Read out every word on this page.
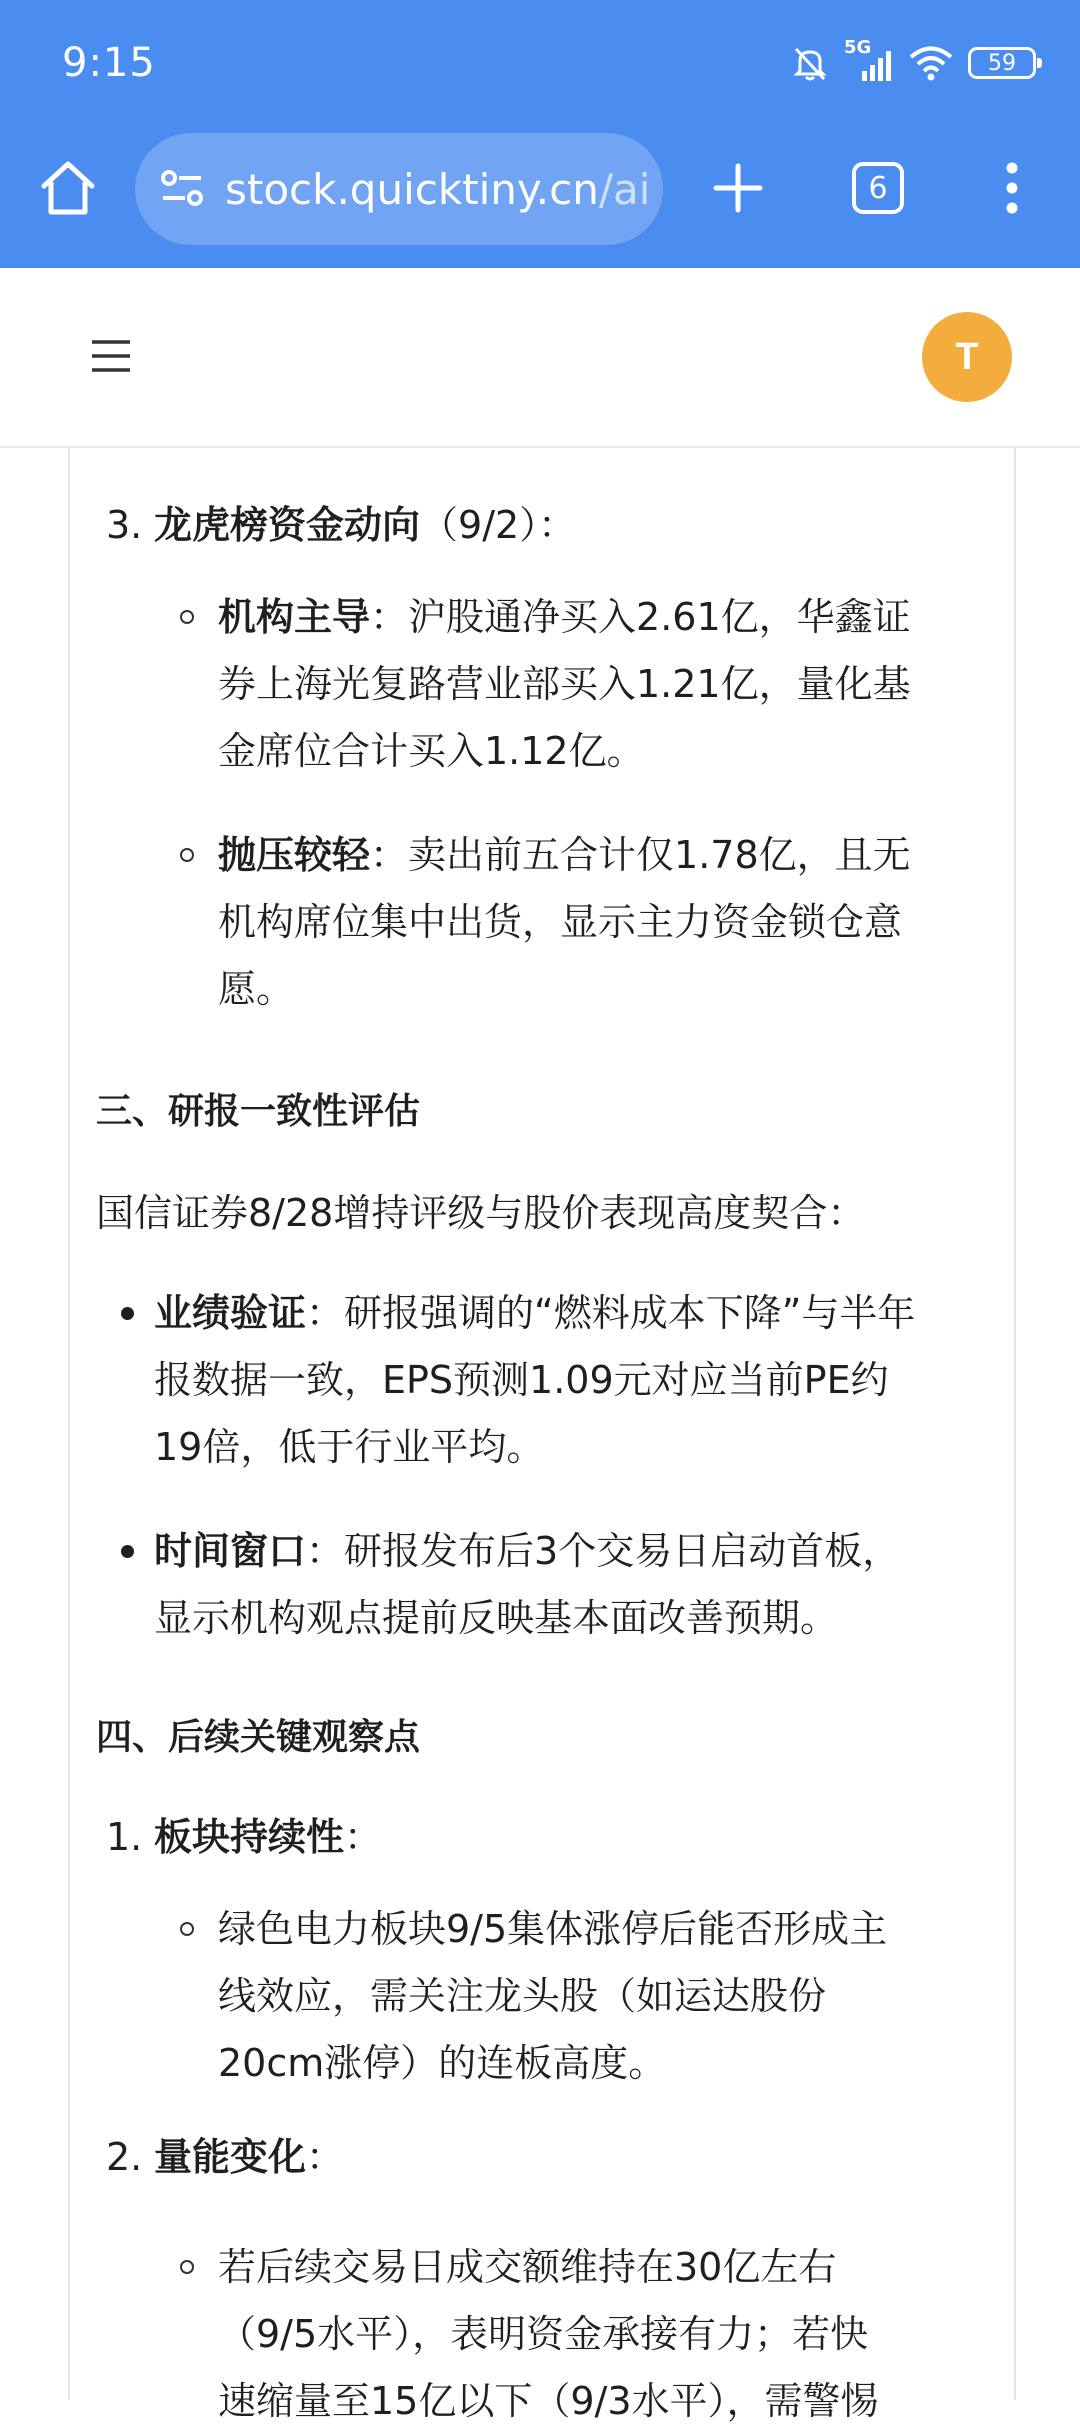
9:15	5G
59
stock.quicktiny.cn/ai	6
T
3. 龙虎榜资金动向（9/2）：
机构主导：沪股通净买入2.61亿，华鑫证
券上海光复路营业部买入1.21亿，量化基
金席位合计买入1.12亿。
抛压较轻：卖出前五合计仅1.78亿，且无
机构席位集中出货，显示主力资金锁仓意
愿。
三、研报一致性评估
国信证券8/28增持评级与股价表现高度契合：
业绩验证：研报强调的“燃料成本下降”与半年
报数据一致，EPS预测1.09元对应当前PE约
19倍，低于行业平均。
时间窗口：研报发布后3个交易日启动首板，
显示机构观点提前反映基本面改善预期。
四、后续关键观察点
1. 板块持续性：
绿色电力板块9/5集体涨停后能否形成主
线效应，需关注龙头股（如运达股份
20cm涨停）的连板高度。
2. 量能变化：
若后续交易日成交额维持在30亿左右
（9/5水平），表明资金承接有力；若快
速缩量至15亿以下（9/3水平），需警惕
